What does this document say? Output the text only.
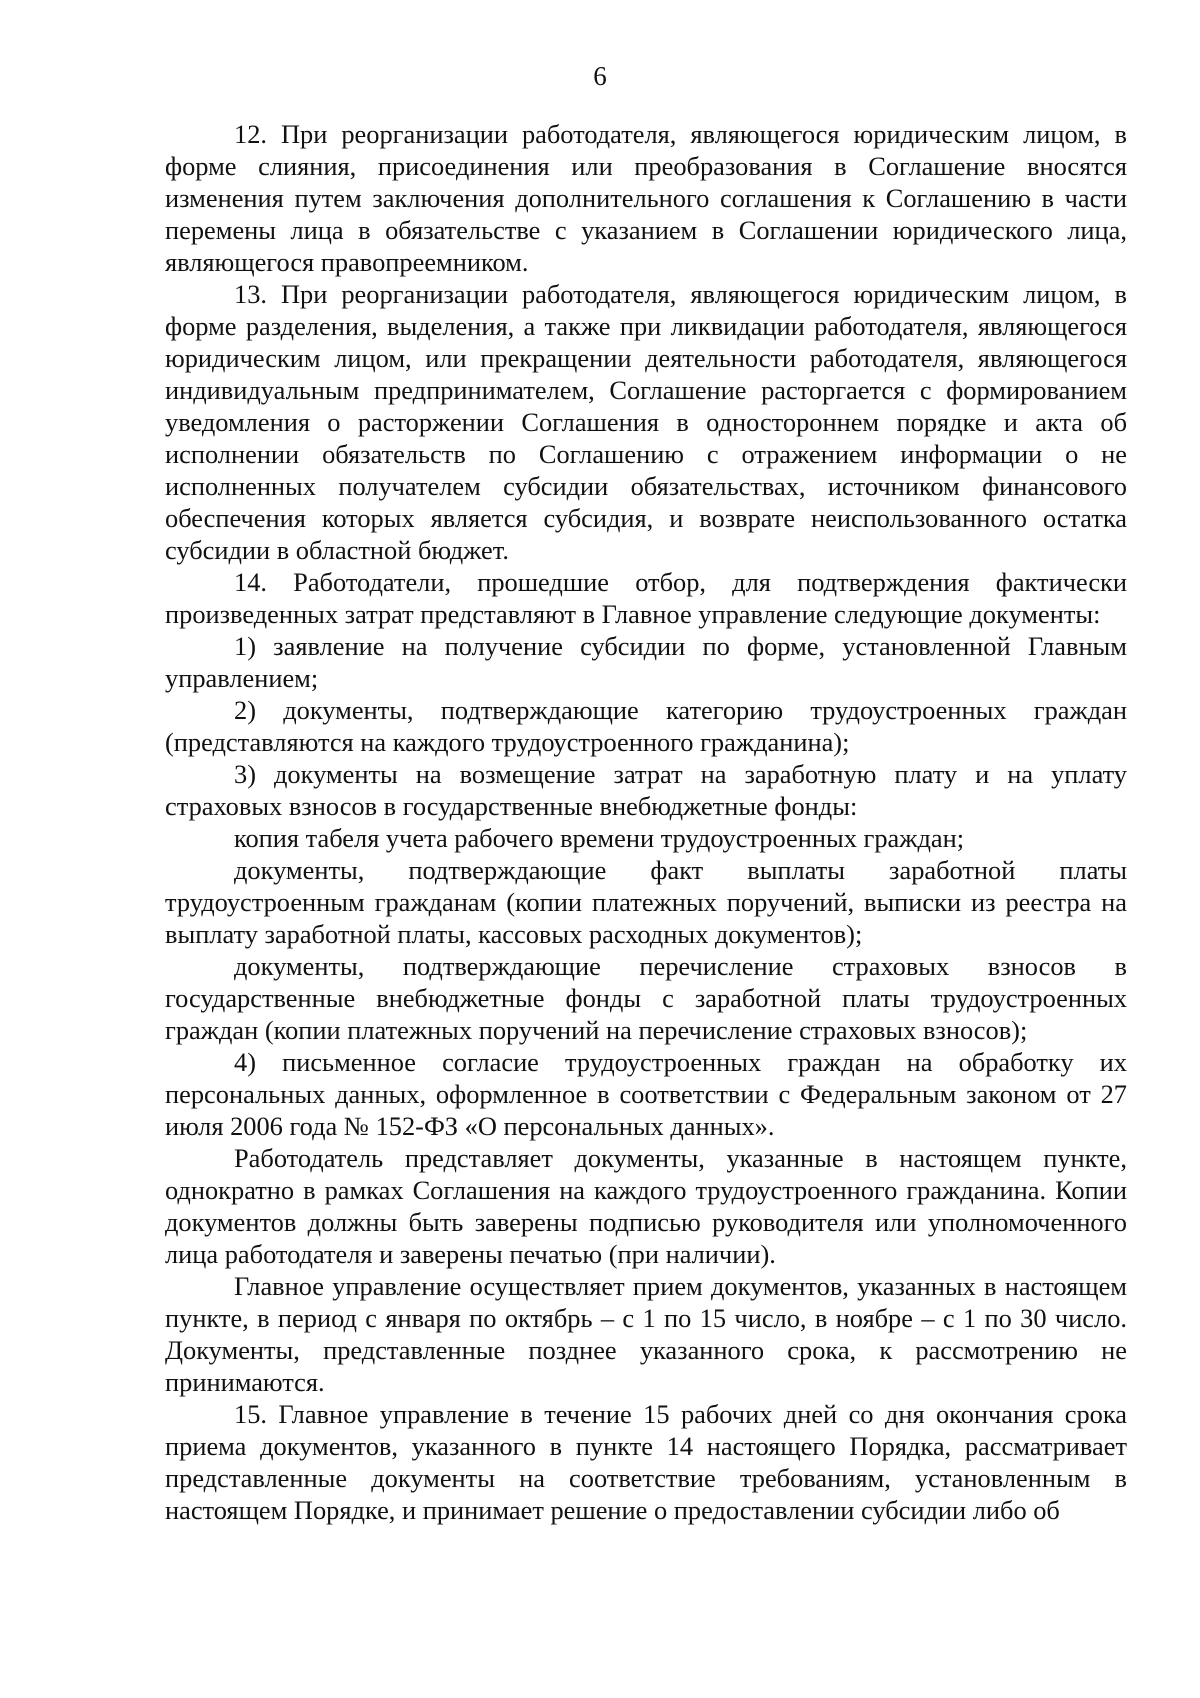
6

12. При реорганизации работодателя, являющегося юридическим лицом, в форме слияния, присоединения или преобразования в Соглашение вносятся изменения путем заключения дополнительного соглашения к Соглашению в части перемены лица в обязательстве с указанием в Соглашении юридического лица, являющегося правопреемником.

13. При реорганизации работодателя, являющегося юридическим лицом, в форме разделения, выделения, а также при ликвидации работодателя, являющегося юридическим лицом, или прекращении деятельности работодателя, являющегося индивидуальным предпринимателем, Соглашение расторгается с формированием уведомления о расторжении Соглашения в одностороннем порядке и акта об исполнении обязательств по Соглашению с отражением информации о не исполненных получателем субсидии обязательствах, источником финансового обеспечения которых является субсидия, и возврате неиспользованного остатка субсидии в областной бюджет.

14. Работодатели, прошедшие отбор, для подтверждения фактически произведенных затрат представляют в Главное управление следующие документы:

1) заявление на получение субсидии по форме, установленной Главным управлением;

2) документы, подтверждающие категорию трудоустроенных граждан (представляются на каждого трудоустроенного гражданина);

3) документы на возмещение затрат на заработную плату и на уплату страховых взносов в государственные внебюджетные фонды:

копия табеля учета рабочего времени трудоустроенных граждан;

документы, подтверждающие факт выплаты заработной платы трудоустроенным гражданам (копии платежных поручений, выписки из реестра на выплату заработной платы, кассовых расходных документов);

документы, подтверждающие перечисление страховых взносов в государственные внебюджетные фонды с заработной платы трудоустроенных граждан (копии платежных поручений на перечисление страховых взносов);

4) письменное согласие трудоустроенных граждан на обработку их персональных данных, оформленное в соответствии с Федеральным законом от 27 июля 2006 года № 152-ФЗ «О персональных данных».

Работодатель представляет документы, указанные в настоящем пункте, однократно в рамках Соглашения на каждого трудоустроенного гражданина. Копии документов должны быть заверены подписью руководителя или уполномоченного лица работодателя и заверены печатью (при наличии).

Главное управление осуществляет прием документов, указанных в настоящем пункте, в период с января по октябрь – с 1 по 15 число, в ноябре – с 1 по 30 число. Документы, представленные позднее указанного срока, к рассмотрению не принимаются.

15. Главное управление в течение 15 рабочих дней со дня окончания срока приема документов, указанного в пункте 14 настоящего Порядка, рассматривает представленные документы на соответствие требованиям, установленным в настоящем Порядке, и принимает решение о предоставлении субсидии либо об
